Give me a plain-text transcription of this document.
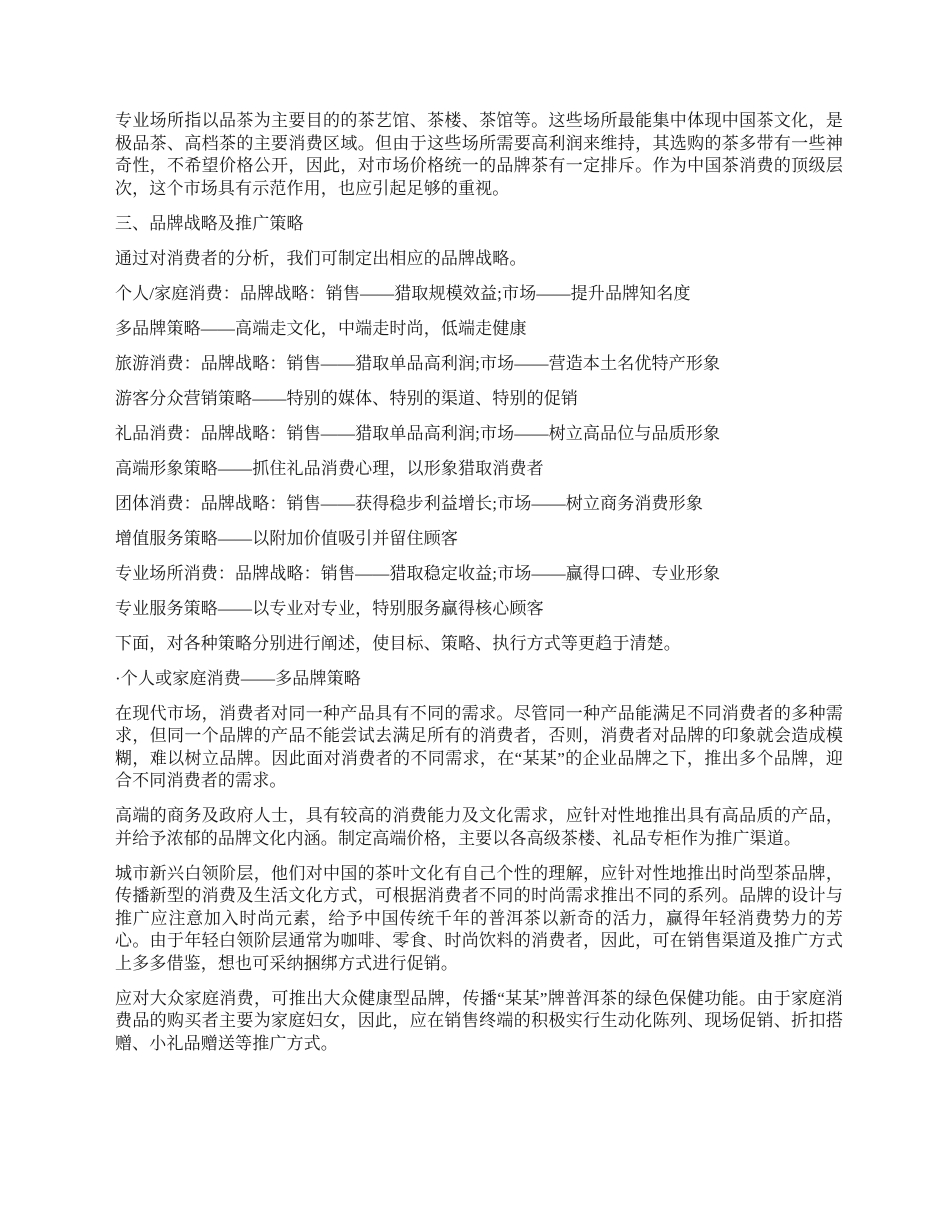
专业场所指以品茶为主要目的的茶艺馆、茶楼、茶馆等。这些场所最能集中体现中国茶文化，是极品茶、高档茶的主要消费区域。但由于这些场所需要高利润来维持，其选购的茶多带有一些神奇性，不希望价格公开，因此，对市场价格统一的品牌茶有一定排斥。作为中国茶消费的顶级层次，这个市场具有示范作用，也应引起足够的重视。

三、品牌战略及推广策略

通过对消费者的分析，我们可制定出相应的品牌战略。

个人/家庭消费：品牌战略：销售——猎取规模效益;市场——提升品牌知名度

多品牌策略——高端走文化，中端走时尚，低端走健康

旅游消费：品牌战略：销售——猎取单品高利润;市场——营造本土名优特产形象

游客分众营销策略——特别的媒体、特别的渠道、特别的促销

礼品消费：品牌战略：销售——猎取单品高利润;市场——树立高品位与品质形象

高端形象策略——抓住礼品消费心理，以形象猎取消费者

团体消费：品牌战略：销售——获得稳步利益增长;市场——树立商务消费形象

增值服务策略——以附加价值吸引并留住顾客

专业场所消费：品牌战略：销售——猎取稳定收益;市场——赢得口碑、专业形象

专业服务策略——以专业对专业，特别服务赢得核心顾客

下面，对各种策略分别进行阐述，使目标、策略、执行方式等更趋于清楚。

·个人或家庭消费——多品牌策略

在现代市场，消费者对同一种产品具有不同的需求。尽管同一种产品能满足不同消费者的多种需求，但同一个品牌的产品不能尝试去满足所有的消费者，否则，消费者对品牌的印象就会造成模糊，难以树立品牌。因此面对消费者的不同需求，在“某某”的企业品牌之下，推出多个品牌，迎合不同消费者的需求。

高端的商务及政府人士，具有较高的消费能力及文化需求，应针对性地推出具有高品质的产品，并给予浓郁的品牌文化内涵。制定高端价格，主要以各高级茶楼、礼品专柜作为推广渠道。

城市新兴白领阶层，他们对中国的茶叶文化有自己个性的理解，应针对性地推出时尚型茶品牌，传播新型的消费及生活文化方式，可根据消费者不同的时尚需求推出不同的系列。品牌的设计与推广应注意加入时尚元素，给予中国传统千年的普洱茶以新奇的活力，赢得年轻消费势力的芳心。由于年轻白领阶层通常为咖啡、零食、时尚饮料的消费者，因此，可在销售渠道及推广方式上多多借鉴，想也可采纳捆绑方式进行促销。

应对大众家庭消费，可推出大众健康型品牌，传播“某某”牌普洱茶的绿色保健功能。由于家庭消费品的购买者主要为家庭妇女，因此，应在销售终端的积极实行生动化陈列、现场促销、折扣搭赠、小礼品赠送等推广方式。
